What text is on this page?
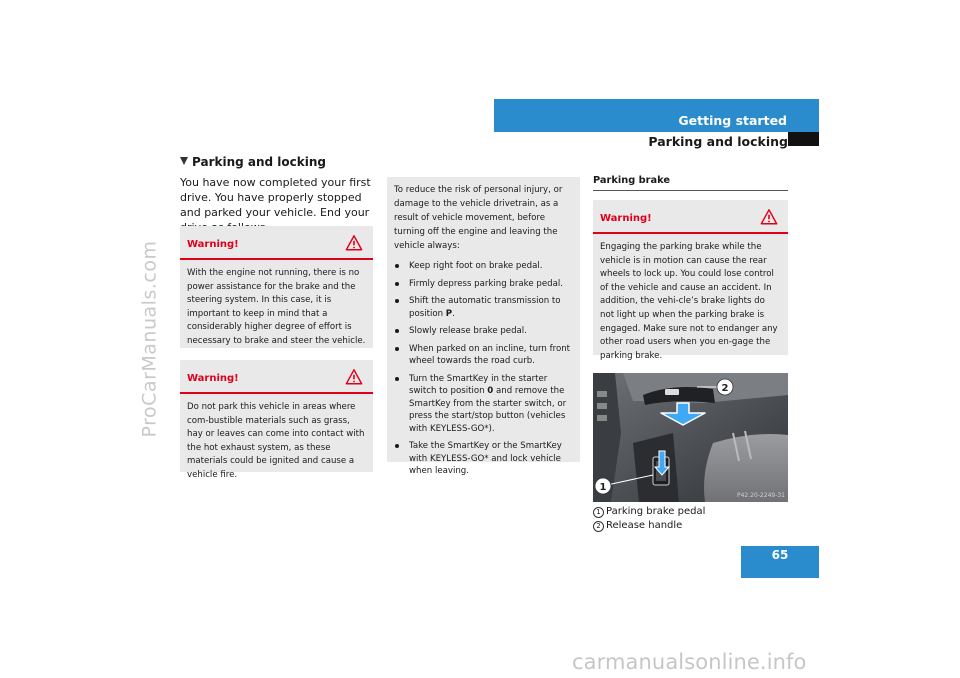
ProCarManuals.com
Getting started
Parking and locking
Parking and locking
You have now completed your first drive. You have properly stopped and parked your vehicle. End your
Warning!
With the engine not running, there is no power assistance for the brake and the steering system. In this case, it is important to keep in mind that a considerably higher degree of effort is necessary to brake and steer the vehicle.
Warning!
Do not park this vehicle in areas where com-bustible materials such as grass, hay or leaves can come into contact with the hot exhaust system, as these materials could be ignited and cause a vehicle fire.
To reduce the risk of personal injury, or damage to the vehicle drivetrain, as a result of vehicle movement, before turning off the engine and leaving the vehicle always:
Keep right foot on brake pedal.
Firmly depress parking brake pedal.
Shift the automatic transmission to position P.
Slowly release brake pedal.
When parked on an incline, turn front wheel towards the road curb.
Turn the SmartKey in the starter switch to position 0 and remove the SmartKey from the starter switch, or press the start/stop button (vehicles with KEYLESS-GO*).
Take the SmartKey or the SmartKey with KEYLESS-GO* and lock vehicle when leaving.
Parking brake
Warning!
Engaging the parking brake while the vehicle is in motion can cause the rear wheels to lock up. You could lose control of the vehicle and cause an accident. In addition, the vehi-cle’s brake lights do not light up when the parking brake is engaged. Make sure not to endanger any other road users when you en-gage the parking brake.
1
2
P42.20-2249-31
1 Parking brake pedal
2 Release handle
65
carmanualsonline.info
